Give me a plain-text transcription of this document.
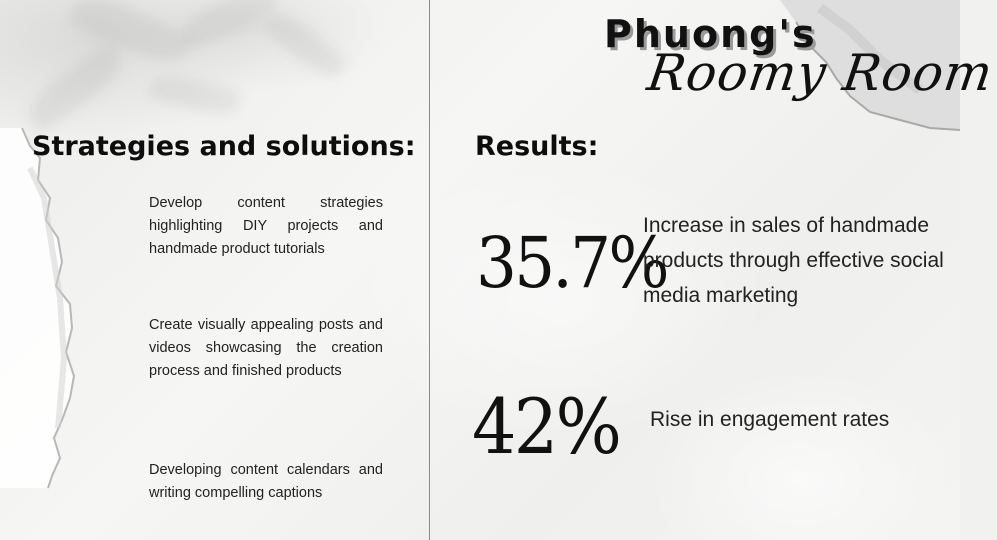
Phuong's
Roomy Room
Strategies and solutions:
Develop content strategies highlighting DIY projects and handmade product tutorials
Create visually appealing posts and videos showcasing the creation process and finished products
Developing content calendars and writing compelling captions
Results:
35.7%
Increase in sales of handmade products through effective social media marketing
42% Rise in engagement rates
